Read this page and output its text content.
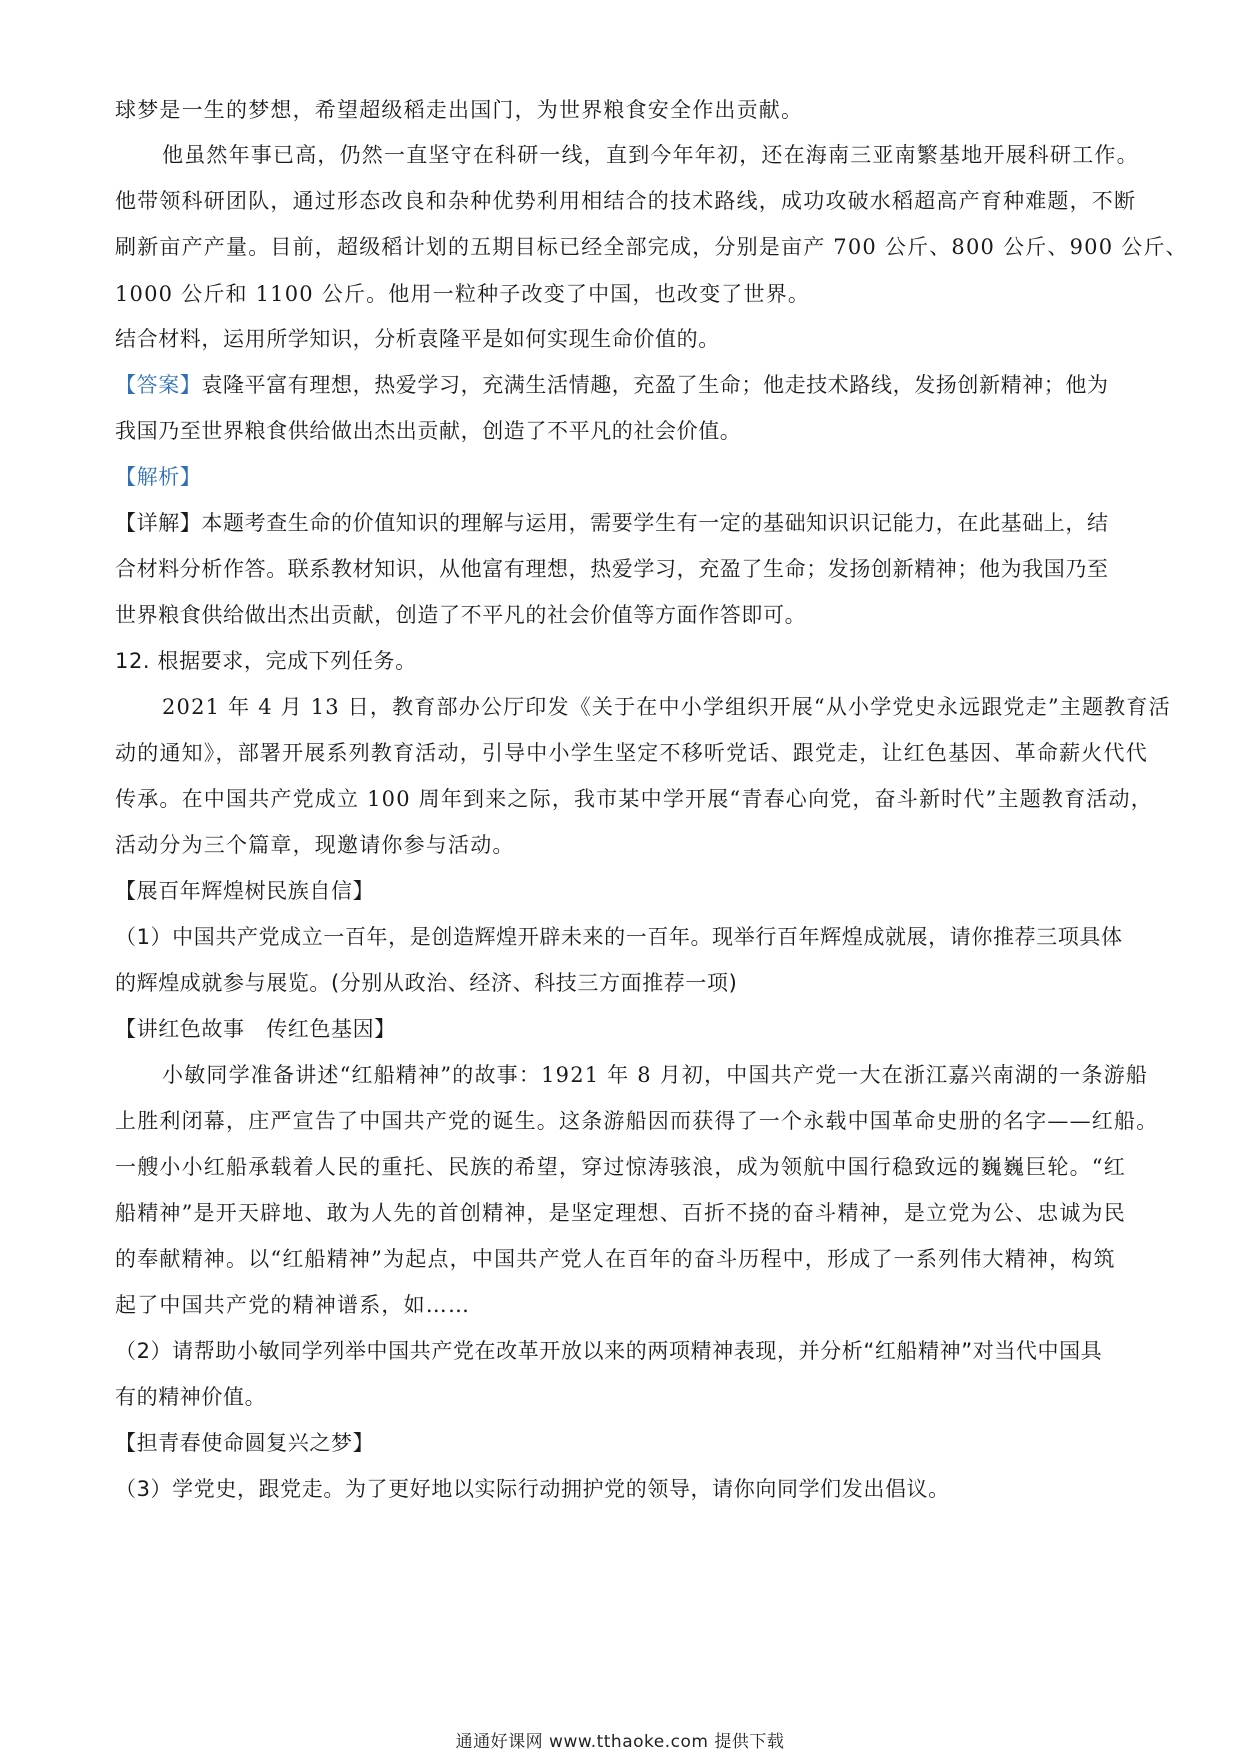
球梦是一生的梦想，希望超级稻走出国门，为世界粮食安全作出贡献。
他虽然年事已高，仍然一直坚守在科研一线，直到今年年初，还在海南三亚南繁基地开展科研工作。
他带领科研团队，通过形态改良和杂种优势利用相结合的技术路线，成功攻破水稻超高产育种难题，不断
刷新亩产产量。目前，超级稻计划的五期目标已经全部完成，分别是亩产 700 公斤、800 公斤、900 公斤、
1000 公斤和 1100 公斤。他用一粒种子改变了中国，也改变了世界。
结合材料，运用所学知识，分析袁隆平是如何实现生命价值的。
【答案】袁隆平富有理想，热爱学习，充满生活情趣，充盈了生命；他走技术路线，发扬创新精神；他为
我国乃至世界粮食供给做出杰出贡献，创造了不平凡的社会价值。
【解析】
【详解】本题考查生命的价值知识的理解与运用，需要学生有一定的基础知识识记能力，在此基础上，结
合材料分析作答。联系教材知识，从他富有理想，热爱学习，充盈了生命；发扬创新精神；他为我国乃至
世界粮食供给做出杰出贡献，创造了不平凡的社会价值等方面作答即可。
12. 根据要求，完成下列任务。
2021 年 4 月 13 日，教育部办公厅印发《关于在中小学组织开展“从小学党史永远跟党走”主题教育活
动的通知》，部署开展系列教育活动，引导中小学生坚定不移听党话、跟党走，让红色基因、革命薪火代代
传承。在中国共产党成立 100 周年到来之际，我市某中学开展“青春心向党，奋斗新时代”主题教育活动，
活动分为三个篇章，现邀请你参与活动。
【展百年辉煌树民族自信】
（1）中国共产党成立一百年，是创造辉煌开辟未来的一百年。现举行百年辉煌成就展，请你推荐三项具体
的辉煌成就参与展览。(分别从政治、经济、科技三方面推荐一项)
【讲红色故事　传红色基因】
小敏同学准备讲述“红船精神”的故事：1921 年 8 月初，中国共产党一大在浙江嘉兴南湖的一条游船
上胜利闭幕，庄严宣告了中国共产党的诞生。这条游船因而获得了一个永载中国革命史册的名字——红船。
一艘小小红船承载着人民的重托、民族的希望，穿过惊涛骇浪，成为领航中国行稳致远的巍巍巨轮。“红
船精神”是开天辟地、敢为人先的首创精神，是坚定理想、百折不挠的奋斗精神，是立党为公、忠诚为民
的奉献精神。以“红船精神”为起点，中国共产党人在百年的奋斗历程中，形成了一系列伟大精神，构筑
起了中国共产党的精神谱系，如……
（2）请帮助小敏同学列举中国共产党在改革开放以来的两项精神表现，并分析“红船精神”对当代中国具
有的精神价值。
【担青春使命圆复兴之梦】
（3）学党史，跟党走。为了更好地以实际行动拥护党的领导，请你向同学们发出倡议。
通通好课网 www.tthaoke.com 提供下载
